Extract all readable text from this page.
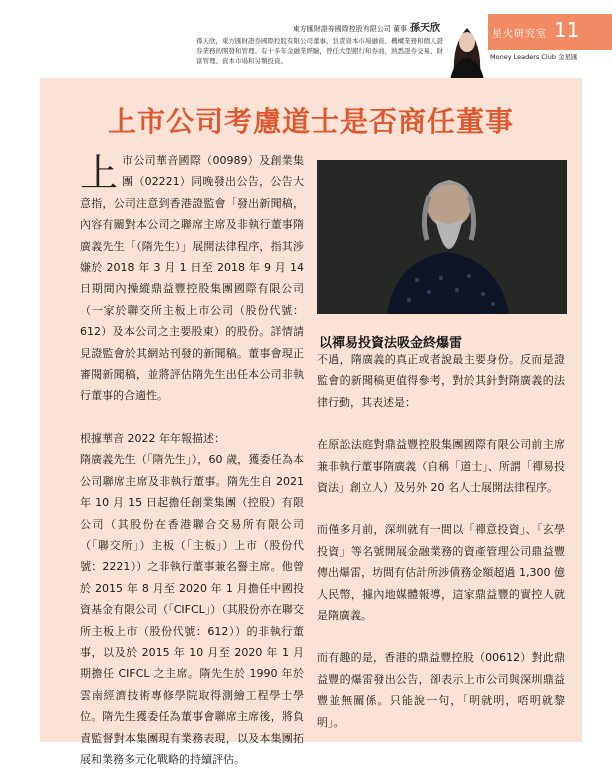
東方匯財證券國際控股有限公司 董事 孫天欣
孫天欣，東方匯財證券國際控股有限公司董事。負責資本市場融資、機構業務和個人證券業務的開發和管理。有十多年金融業經驗，曾任大型銀行和券商，熟悉證券交易、財富管理、資本市場和另類投資。
星火研究室 11
Money Leaders Club 金星匯
上市公司考慮道士是否商任董事

上市公司華音國際（00989）及創業集團（02221）同晚發出公告，公告大意指，公司注意到香港證監會「發出新聞稿，內容有關對本公司之聯席主席及非執行董事隋廣義先生「（隋先生）」展開法律程序，指其涉嫌於 2018 年 3 月 1 日至 2018 年 9 月 14 日期間內操縱鼎益豐控股集團國際有限公司（一家於聯交所主板上市公司（股份代號：612）及本公司之主要股東）的股份。詳情請見證監會於其網站刊發的新聞稿。董事會現正審閱新聞稿，並將評估隋先生出任本公司非執行董事的合適性。

根據華音 2022 年年報描述：

隋廣義先生（「隋先生」），60 歲，獲委任為本公司聯席主席及非執行董事。隋先生自 2021 年 10 月 15 日起擔任創業集團（控股）有限公司（其股份在香港聯合交易所有限公司（「聯交所」）主板（「主板」）上市（股份代號：2221））之非執行董事兼名譽主席。他曾於 2015 年 8 月至 2020 年 1 月擔任中國投資基金有限公司（「CIFCL」）（其股份亦在聯交所主板上市（股份代號：612））的非執行董事，以及於 2015 年 10 月至 2020 年 1 月期擔任 CIFCL 之主席。隋先生於 1990 年於雲南經濟技術專修學院取得測繪工程學士學位。隋先生獲委任為董事會聯席主席後，將負責監督對本集團現有業務表現，以及本集團拓展和業務多元化戰略的持續評估。

以禪易投資法吸金終爆雷

不過，隋廣義的真正或者說最主要身份。反而是證監會的新聞稿更值得參考，對於其針對隋廣義的法律行動，其表述是：

在原訟法庭對鼎益豐控股集團國際有限公司前主席兼非執行董事隋廣義（自稱「道士」、所謂「禪易投資法」創立人）及另外 20 名人士展開法律程序。

而僅多月前，深圳就有一間以「禪意投資」、「玄學投資」等名號開展金融業務的資產管理公司鼎益豐傳出爆雷，坊間有估計所涉債務金額超過 1,300 億人民幣，據內地媒體報導，這家鼎益豐的實控人就是隋廣義。

而有趣的是，香港的鼎益豐控股（00612）對此鼎益豐的爆雷發出公告，卻表示上市公司與深圳鼎益豐並無關係。只能說一句，「明就明，唔明就黎明」。
